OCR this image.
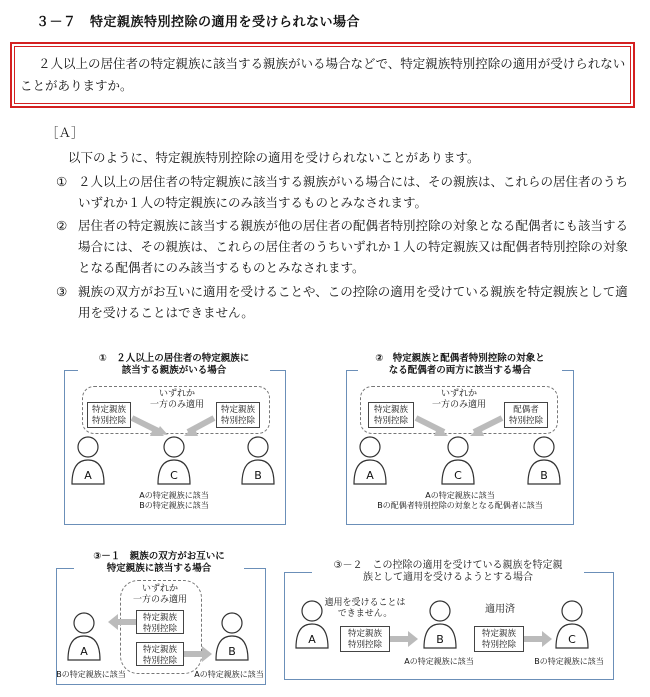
３－７　特定親族特別控除の適用を受けられない場合
２人以上の居住者の特定親族に該当する親族がいる場合などで、特定親族特別控除の適用が受けられないことがありますか。
［Ａ］
以下のように、特定親族特別控除の適用を受けられないことがあります。
① ２人以上の居住者の特定親族に該当する親族がいる場合には、その親族は、これらの居住者のうちいずれか１人の特定親族にのみ該当するものとみなされます。
② 居住者の特定親族に該当する親族が他の居住者の配偶者特別控除の対象となる配偶者にも該当する場合には、その親族は、これらの居住者のうちいずれか１人の特定親族又は配偶者特別控除の対象となる配偶者にのみ該当するものとみなされます。
③ 親族の双方がお互いに適用を受けることや、この控除の適用を受けている親族を特定親族として適用を受けることはできません。
①　２人以上の居住者の特定親族に
該当する親族がいる場合
いずれか
一方のみ適用
特定親族
特別控除
特定親族
特別控除
A	C	B
Aの特定親族に該当
Bの特定親族に該当
②　特定親族と配偶者特別控除の対象と
なる配偶者の両方に該当する場合
いずれか
一方のみ適用
特定親族
特別控除
配偶者
特別控除
A	C	B
Aの特定親族に該当
Bの配偶者特別控除の対象となる配偶者に該当
③－１　親族の双方がお互いに
特定親族に該当する場合
いずれか
一方のみ適用
特定親族
特別控除
特定親族
特別控除
A	B
Bの特定親族に該当	Aの特定親族に該当
③－２　この控除の適用を受けている親族を特定親
族として適用を受けるようとする場合
適用を受けることは
できません。	適用済
特定親族
特別控除
特定親族
特別控除
A	B	C
Aの特定親族に該当	Bの特定親族に該当
